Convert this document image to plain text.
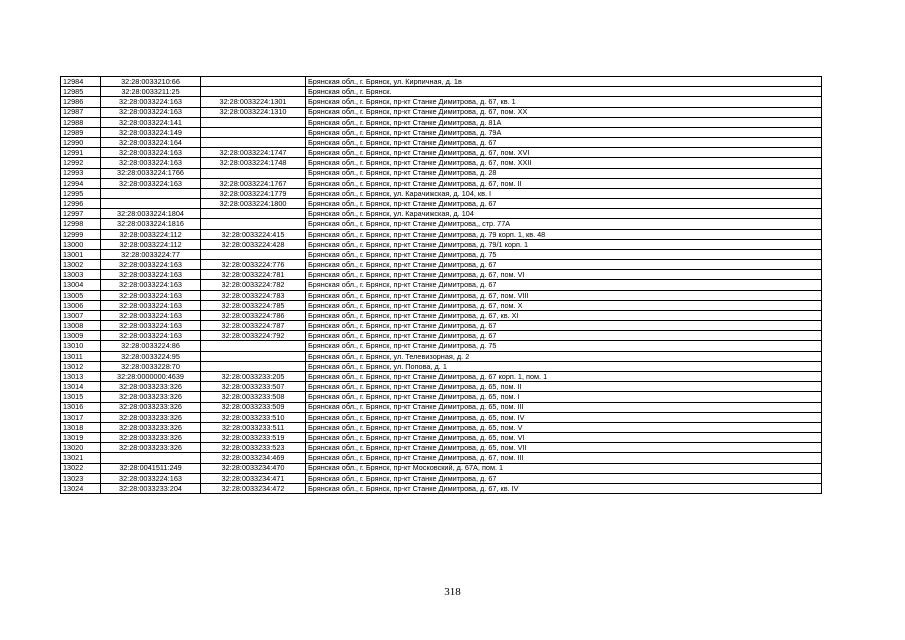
12984	32:28:0033210:66		Брянская обл., г. Брянск, ул. Кирпичная, д. 1в
12985	32:28:0033211:25		Брянская обл., г. Брянск.
12986	32:28:0033224:163	32:28:0033224:1301	Брянская обл., г. Брянск, пр-кт Станке Димитрова, д. 67, кв. 1
12987	32:28:0033224:163	32:28:0033224:1310	Брянская обл., г. Брянск, пр-кт Станке Димитрова, д. 67, пом. XX
12988	32:28:0033224:141		Брянская обл., г. Брянск, пр-кт Станке Димитрова, д. 81А
12989	32:28:0033224:149		Брянская обл., г. Брянск, пр-кт Станке Димитрова, д. 79А
12990	32:28:0033224:164		Брянская обл., г. Брянск, пр-кт Станке Димитрова, д. 67
12991	32:28:0033224:163	32:28:0033224:1747	Брянская обл., г. Брянск, пр-кт Станке Димитрова, д. 67, пом. XVI
12992	32:28:0033224:163	32:28:0033224:1748	Брянская обл., г. Брянск, пр-кт Станке Димитрова, д. 67, пом. XXII
12993	32:28:0033224:1766		Брянская обл., г. Брянск, пр-кт Станке Димитрова, д. 28
12994	32:28:0033224:163	32:28:0033224:1767	Брянская обл., г. Брянск, пр-кт Станке Димитрова, д. 67, пом. II
12995		32:28:0033224:1779	Брянская обл., г. Брянск, ул. Карачижская, д. 104, кв. I
12996		32:28:0033224:1800	Брянская обл., г. Брянск, пр-кт Станке Димитрова, д. 67
12997	32:28:0033224:1804		Брянская обл., г. Брянск, ул. Карачижская, д. 104
12998	32:28:0033224:1816		Брянская обл., г. Брянск, пр-кт Станке Димитрова,, стр. 77А
12999	32:28:0033224:112	32:28:0033224:415	Брянская обл., г. Брянск, пр-кт Станке Димитрова, д. 79 корп. 1, кв. 48
13000	32:28:0033224:112	32:28:0033224:428	Брянская обл., г. Брянск, пр-кт Станке Димитрова, д. 79/1 корп. 1
13001	32:28:0033224:77		Брянская обл., г. Брянск, пр-кт Станке Димитрова, д. 75
13002	32:28:0033224:163	32:28:0033224:776	Брянская обл., г. Брянск, пр-кт Станке Димитрова, д. 67
13003	32:28:0033224:163	32:28:0033224:781	Брянская обл., г. Брянск, пр-кт Станке Димитрова, д. 67, пом. VI
13004	32:28:0033224:163	32:28:0033224:782	Брянская обл., г. Брянск, пр-кт Станке Димитрова, д. 67
13005	32:28:0033224:163	32:28:0033224:783	Брянская обл., г. Брянск, пр-кт Станке Димитрова, д. 67, пом. VIII
13006	32:28:0033224:163	32:28:0033224:785	Брянская обл., г. Брянск, пр-кт Станке Димитрова, д. 67, пом. X
13007	32:28:0033224:163	32:28:0033224:786	Брянская обл., г. Брянск, пр-кт Станке Димитрова, д. 67, кв. XI
13008	32:28:0033224:163	32:28:0033224:787	Брянская обл., г. Брянск, пр-кт Станке Димитрова, д. 67
13009	32:28:0033224:163	32:28:0033224:792	Брянская обл., г. Брянск, пр-кт Станке Димитрова, д. 67
13010	32:28:0033224:86		Брянская обл., г. Брянск, пр-кт Станке Димитрова, д. 75
13011	32:28:0033224:95		Брянская обл., г. Брянск, ул. Телевизорная, д. 2
13012	32:28:0033228:70		Брянская обл., г. Брянск, ул. Попова, д. 1
13013	32:28:0000000:4639	32:28:0033233:205	Брянская обл., г. Брянск, пр-кт Станке Димитрова, д. 67 корп. 1, пом. 1
13014	32:28:0033233:326	32:28:0033233:507	Брянская обл., г. Брянск, пр-кт Станке Димитрова, д. 65, пом. II
13015	32:28:0033233:326	32:28:0033233:508	Брянская обл., г. Брянск, пр-кт Станке Димитрова, д. 65, пом. I
13016	32:28:0033233:326	32:28:0033233:509	Брянская обл., г. Брянск, пр-кт Станке Димитрова, д. 65, пом. III
13017	32:28:0033233:326	32:28:0033233:510	Брянская обл., г. Брянск, пр-кт Станке Димитрова, д. 65, пом. IV
13018	32:28:0033233:326	32:28:0033233:511	Брянская обл., г. Брянск, пр-кт Станке Димитрова, д. 65, пом. V
13019	32:28:0033233:326	32:28:0033233:519	Брянская обл., г. Брянск, пр-кт Станке Димитрова, д. 65, пом. VI
13020	32:28:0033233:326	32:28:0033233:523	Брянская обл., г. Брянск, пр-кт Станке Димитрова, д. 65, пом. VII
13021		32:28:0033234:469	Брянская обл., г. Брянск, пр-кт Станке Димитрова, д. 67, пом. III
13022	32:28:0041511:249	32:28:0033234:470	Брянская обл., г. Брянск, пр-кт Московский, д. 67А, пом. 1
13023	32:28:0033224:163	32:28:0033234:471	Брянская обл., г. Брянск, пр-кт Станке Димитрова, д. 67
13024	32:28:0033233:204	32:28:0033234:472	Брянская обл., г. Брянск, пр-кт Станке Димитрова, д. 67, кв. IV
318
